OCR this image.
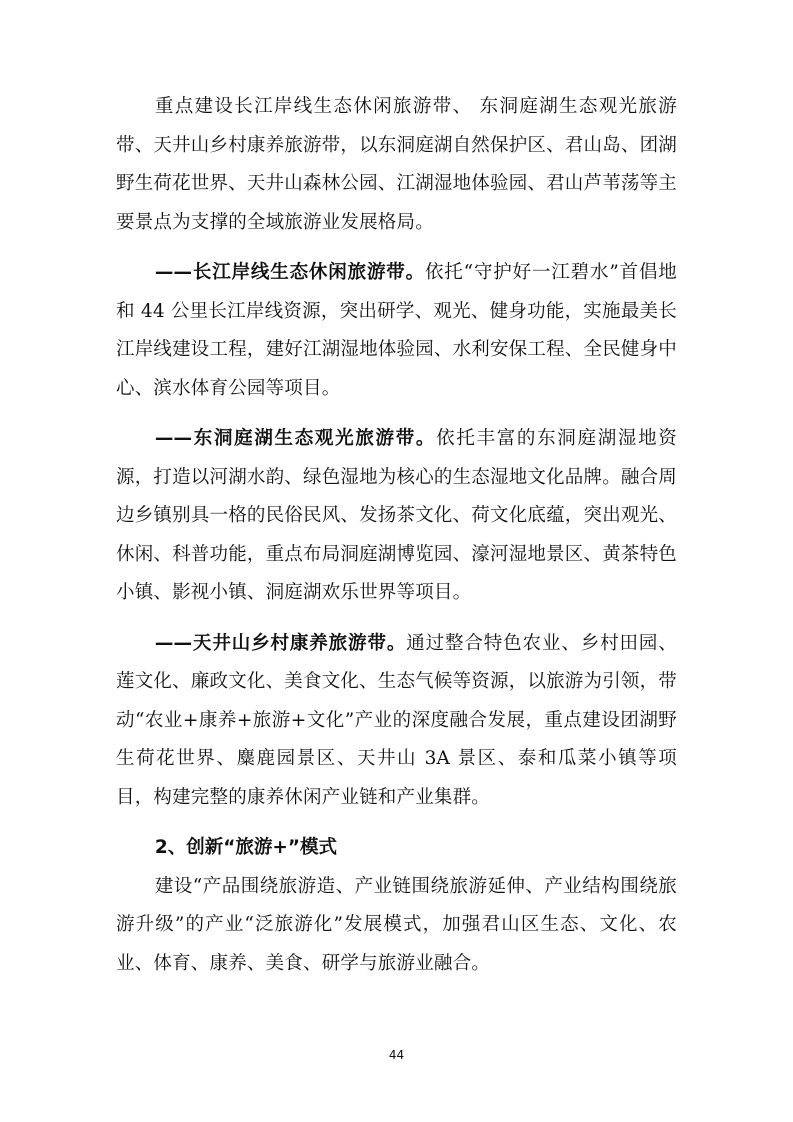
重点建设长江岸线生态休闲旅游带、 东洞庭湖生态观光旅游带、天井山乡村康养旅游带，以东洞庭湖自然保护区、君山岛、团湖野生荷花世界、天井山森林公园、江湖湿地体验园、君山芦苇荡等主要景点为支撑的全域旅游业发展格局。

——长江岸线生态休闲旅游带。依托“守护好一江碧水”首倡地和 44 公里长江岸线资源，突出研学、观光、健身功能，实施最美长江岸线建设工程，建好江湖湿地体验园、水利安保工程、全民健身中心、滨水体育公园等项目。

——东洞庭湖生态观光旅游带。依托丰富的东洞庭湖湿地资源，打造以河湖水韵、绿色湿地为核心的生态湿地文化品牌。融合周边乡镇别具一格的民俗民风、发扬茶文化、荷文化底蕴，突出观光、休闲、科普功能，重点布局洞庭湖博览园、濠河湿地景区、黄茶特色小镇、影视小镇、洞庭湖欢乐世界等项目。

——天井山乡村康养旅游带。通过整合特色农业、乡村田园、莲文化、廉政文化、美食文化、生态气候等资源，以旅游为引领，带动“农业+康养+旅游+文化”产业的深度融合发展，重点建设团湖野生荷花世界、麋鹿园景区、天井山 3A 景区、泰和瓜菜小镇等项目，构建完整的康养休闲产业链和产业集群。

2、创新“旅游+”模式

建设“产品围绕旅游造、产业链围绕旅游延伸、产业结构围绕旅游升级”的产业“泛旅游化”发展模式，加强君山区生态、文化、农业、体育、康养、美食、研学与旅游业融合。

44
